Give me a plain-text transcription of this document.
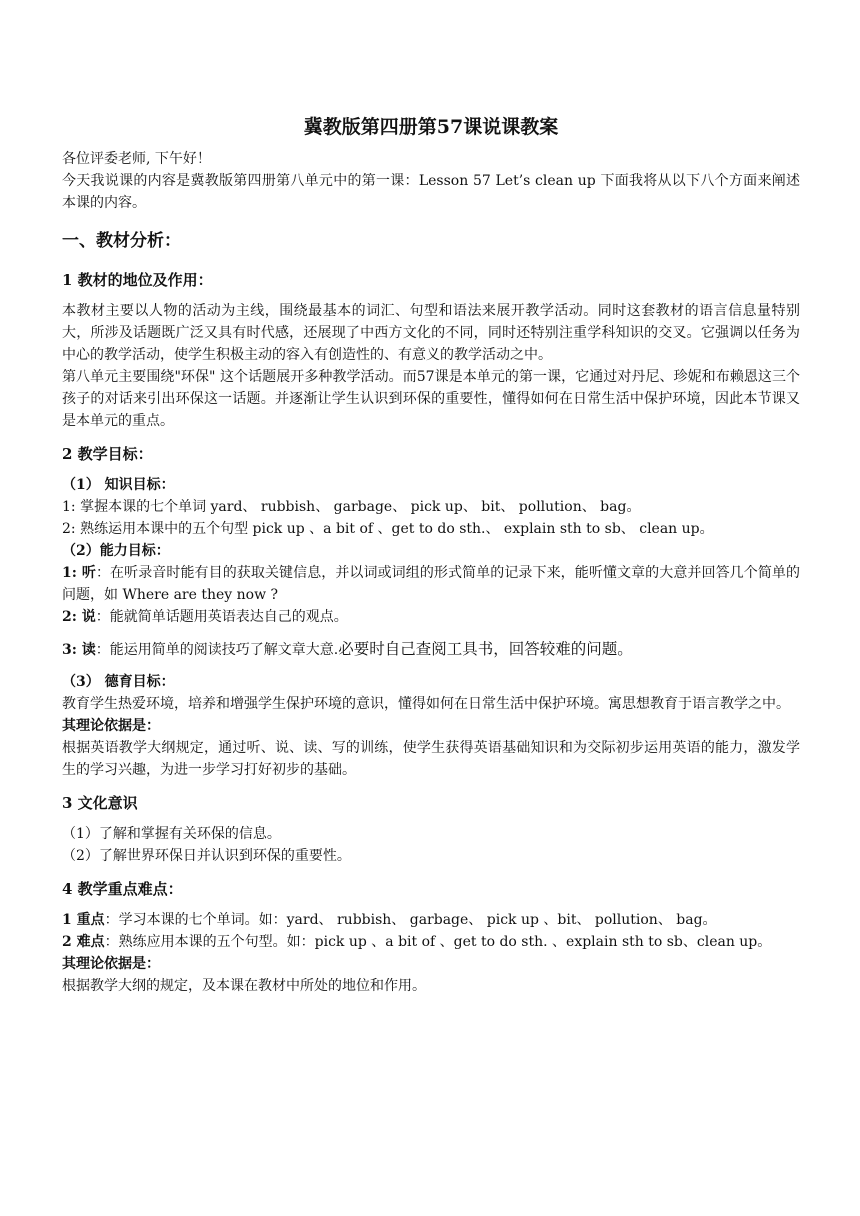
冀教版第四册第57课说课教案

各位评委老师, 下午好！

今天我说课的内容是冀教版第四册第八单元中的第一课：Lesson 57 Let’s clean up 下面我将从以下八个方面来阐述本课的内容。

一、教材分析：
1 教材的地位及作用：

本教材主要以人物的活动为主线，围绕最基本的词汇、句型和语法来展开教学活动。同时这套教材的语言信息量特别大，所涉及话题既广泛又具有时代感，还展现了中西方文化的不同，同时还特别注重学科知识的交叉。它强调以任务为中心的教学活动，使学生积极主动的容入有创造性的、有意义的教学活动之中。

第八单元主要围绕"环保" 这个话题展开多种教学活动。而57课是本单元的第一课，它通过对丹尼、珍妮和布赖恩这三个孩子的对话来引出环保这一话题。并逐渐让学生认识到环保的重要性，懂得如何在日常生活中保护环境，因此本节课又是本单元的重点。

2 教学目标：

（1） 知识目标：

1: 掌握本课的七个单词 yard、 rubbish、 garbage、 pick up、 bit、 pollution、 bag。

2: 熟练运用本课中的五个句型 pick up 、a bit of 、get to do sth.、 explain sth to sb、 clean up。

（2）能力目标：

1: 听：在听录音时能有目的获取关键信息，并以词或词组的形式简单的记录下来，能听懂文章的大意并回答几个简单的问题，如 Where are they now ?

2: 说：能就简单话题用英语表达自己的观点。

3: 读：能运用简单的阅读技巧了解文章大意.必要时自己查阅工具书，回答较难的问题。

（3） 德育目标：

教育学生热爱环境，培养和增强学生保护环境的意识，懂得如何在日常生活中保护环境。寓思想教育于语言教学之中。

其理论依据是：

根据英语教学大纲规定，通过听、说、读、写的训练，使学生获得英语基础知识和为交际初步运用英语的能力，激发学生的学习兴趣，为进一步学习打好初步的基础。

3 文化意识

（1）了解和掌握有关环保的信息。

（2）了解世界环保日并认识到环保的重要性。

4 教学重点难点：

1 重点：学习本课的七个单词。如：yard、 rubbish、 garbage、 pick up 、bit、 pollution、 bag。

2 难点：熟练应用本课的五个句型。如：pick up 、a bit of 、get to do sth. 、explain sth to sb、clean up。

其理论依据是：

根据教学大纲的规定，及本课在教材中所处的地位和作用。
